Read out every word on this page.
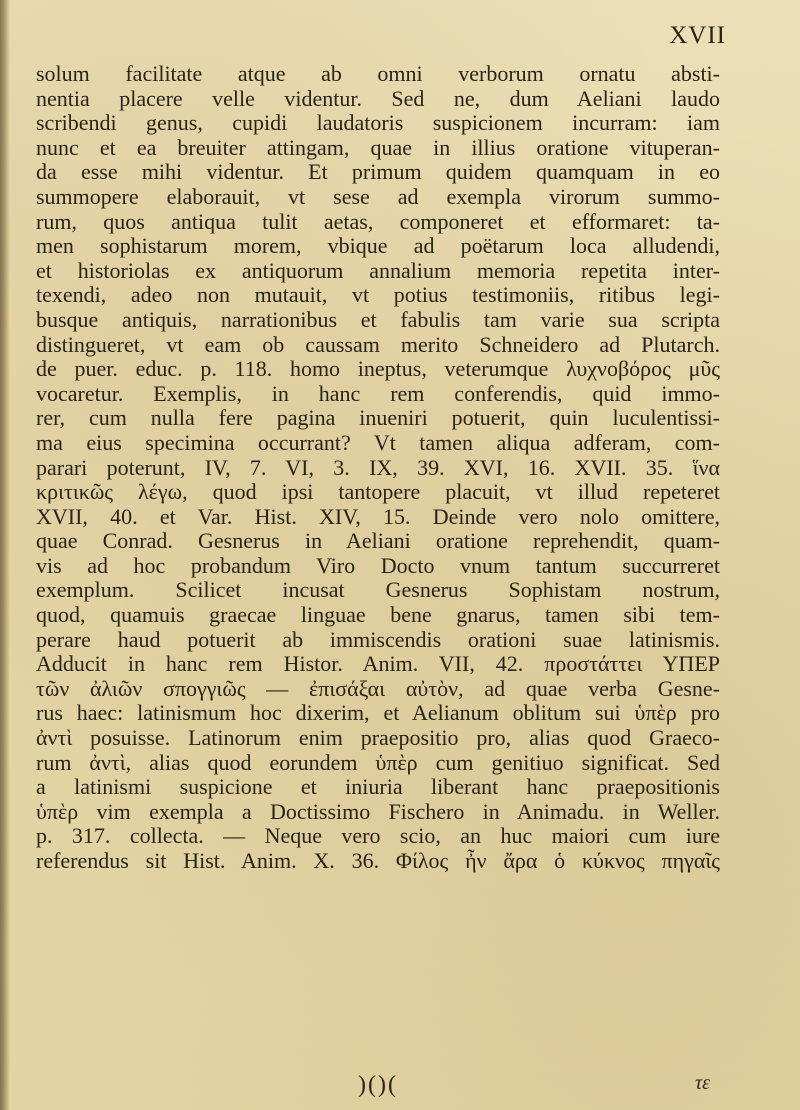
XVII
solum facilitate atque ab omni verborum ornatu absti-
nentia placere velle videntur. Sed ne, dum Aeliani laudo
scribendi genus, cupidi laudatoris suspicionem incurram: iam
nunc et ea breuiter attingam, quae in illius oratione vituperan-
da esse mihi videntur. Et primum quidem quamquam in eo
summopere elaborauit, vt sese ad exempla virorum summo-
rum, quos antiqua tulit aetas, componeret et efformaret: ta-
men sophistarum morem, vbique ad poëtarum loca alludendi,
et historiolas ex antiquorum annalium memoria repetita inter-
texendi, adeo non mutauit, vt potius testimoniis, ritibus legi-
busque antiquis, narrationibus et fabulis tam varie sua scripta
distingueret, vt eam ob caussam merito Schneidero ad Plutarch.
de puer. educ. p. 118. homo ineptus, veterumque λυχνοβόρος μῦς
vocaretur. Exemplis, in hanc rem conferendis, quid immo-
rer, cum nulla fere pagina inueniri potuerit, quin luculentissi-
ma eius specimina occurrant? Vt tamen aliqua adferam, com-
parari poterunt, IV, 7. VI, 3. IX, 39. XVI, 16. XVII. 35. ἵνα
κριτικῶς λέγω, quod ipsi tantopere placuit, vt illud repeteret
XVII, 40. et Var. Hist. XIV, 15. Deinde vero nolo omittere,
quae Conrad. Gesnerus in Aeliani oratione reprehendit, quam-
vis ad hoc probandum Viro Docto vnum tantum succurreret
exemplum. Scilicet incusat Gesnerus Sophistam nostrum,
quod, quamuis graecae linguae bene gnarus, tamen sibi tem-
perare haud potuerit ab immiscendis orationi suae latinismis.
Adducit in hanc rem Histor. Anim. VII, 42. προστάττει ΥΠΕΡ
τῶν ἀλιῶν σπογγιῶς — ἐπισάξαι αὐτὸν, ad quae verba Gesne-
rus haec: latinismum hoc dixerim, et Aelianum oblitum sui ὑπὲρ pro
ἀντὶ posuisse. Latinorum enim praepositio pro, alias quod Graeco-
rum ἀντὶ, alias quod eorundem ὑπὲρ cum genitiuo significat. Sed
a latinismi suspicione et iniuria liberant hanc praepositionis
ὑπὲρ vim exempla a Doctissimo Fischero in Animadu. in Weller.
p. 317. collecta. — Neque vero scio, an huc maiori cum iure
referendus sit Hist. Anim. X. 36. Φίλος ἦν ἄρα ὁ κύκνος πηγαῖς
)()(	τε
